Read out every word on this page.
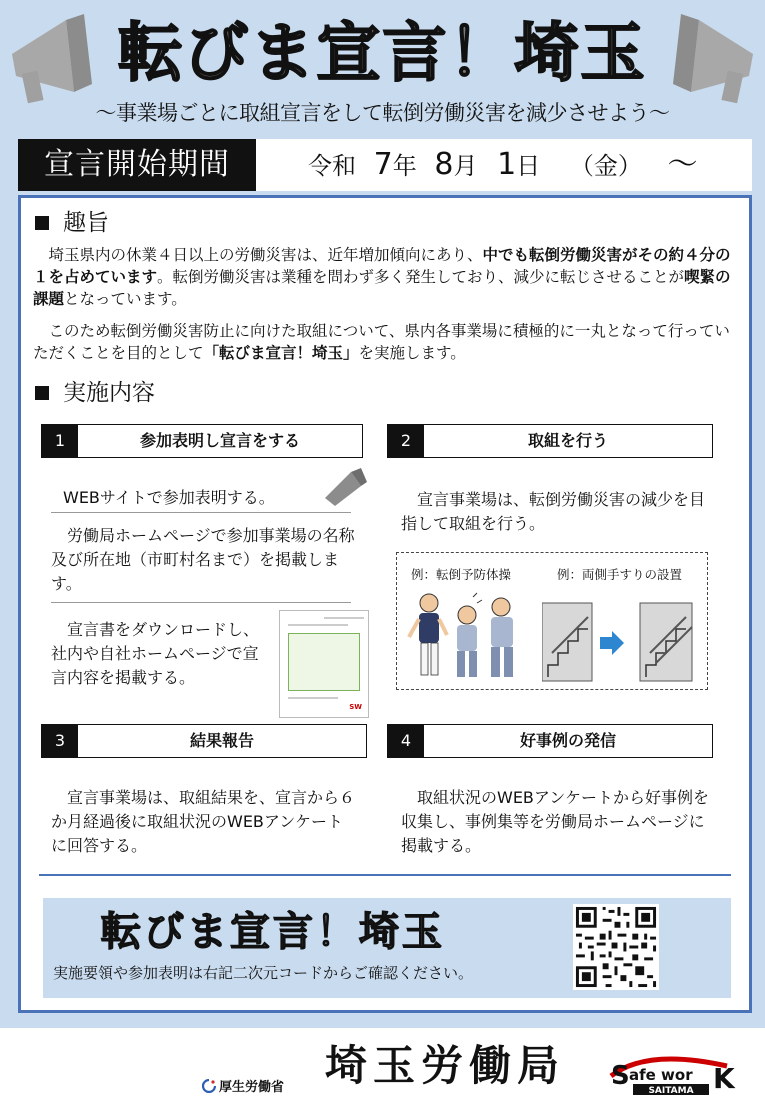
転びま宣言！埼玉
～事業場ごとに取組宣言をして転倒労働災害を減少させよう～
宣言開始期間	令和 7年 8月 1日 （金） ～
趣旨
埼玉県内の休業４日以上の労働災害は、近年増加傾向にあり、中でも転倒労働災害がその約４分の１を占めています。転倒労働災害は業種を問わず多く発生しており、減少に転じさせることが喫緊の課題となっています。
このため転倒労働災害防止に向けた取組について、県内各事業場に積極的に一丸となって行っていただくことを目的として「転びま宣言！埼玉」を実施します。
実施内容
1	参加表明し宣言をする
WEBサイトで参加表明する。
労働局ホームページで参加事業場の名称及び所在地（市町村名まで）を掲載します。
宣言書をダウンロードし、社内や自社ホームページで宣言内容を掲載する。
SW
2	取組を行う
宣言事業場は、転倒労働災害の減少を目指して取組を行う。
例：転倒予防体操	例：両側手すりの設置
3	結果報告
宣言事業場は、取組結果を、宣言から６か月経過後に取組状況のWEBアンケートに回答する。
4	好事例の発信
取組状況のWEBアンケートから好事例を収集し、事例集等を労働局ホームページに掲載する。
転びま宣言！埼玉
実施要領や参加表明は右記二次元コードからご確認ください。
厚生労働省 埼玉労働局 S afe wor K
SAITAMA
